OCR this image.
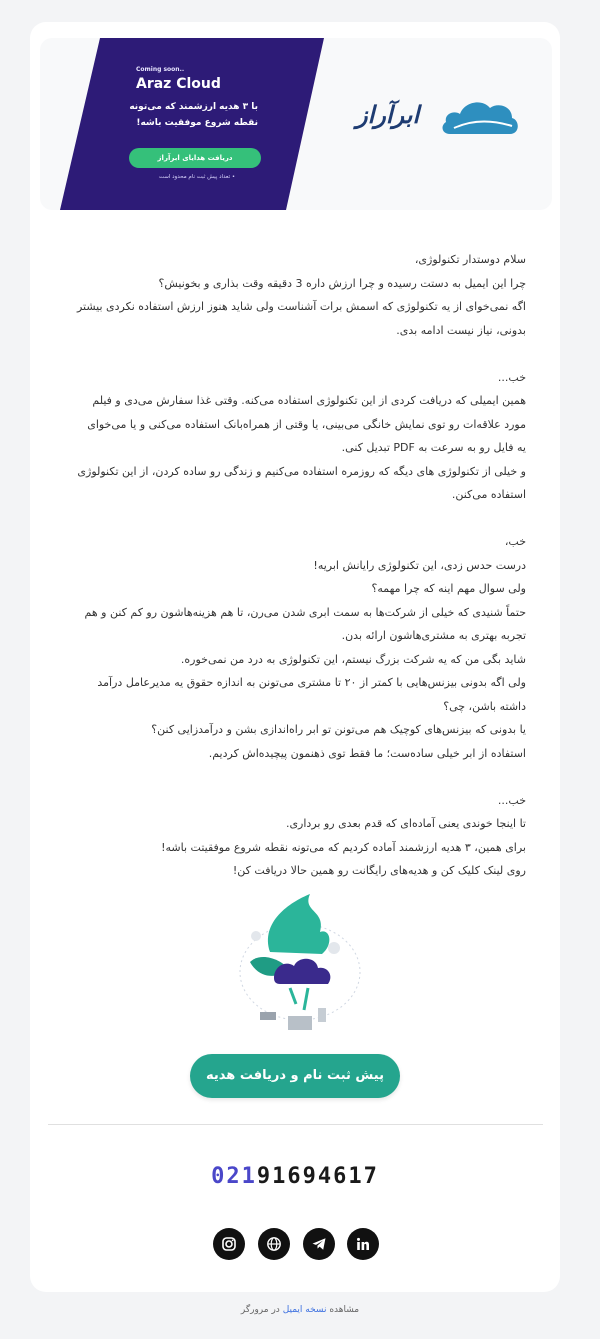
Coming soon..
Araz Cloud
با ۳ هدیه ارزشمند که می‌تونه
نقطه شروع موفقیت باشه!
دریافت هدایای ابرآراز
• تعداد پیش ثبت نام محدود است
ابرآراز
سلام دوستدار تکنولوژی،
چرا این ایمیل به دستت رسیده و چرا ارزش داره 3 دقیقه وقت بذاری و بخونیش؟
اگه نمی‌خوای از یه تکنولوژی که اسمش برات آشناست ولی شاید هنوز ارزش استفاده نکردی بیشتر
بدونی، نیاز نیست ادامه بدی.
خب...
همین ایمیلی که دریافت کردی از این تکنولوژی استفاده می‌کنه. وقتی غذا سفارش می‌دی و فیلم
مورد علاقه‌ات رو توی نمایش خانگی می‌بینی، یا وقتی از همراه‌بانک استفاده می‌کنی و یا می‌خوای
یه فایل رو به سرعت به PDF تبدیل کنی.
و خیلی از تکنولوژی های دیگه که روزمره استفاده می‌کنیم و زندگی رو ساده کردن، از این تکنولوژی
استفاده می‌کنن.
خب،
درست حدس زدی، این تکنولوژی رایانش ابریه!
ولی سوال مهم اینه که چرا مهمه؟
حتماً شنیدی که خیلی از شرکت‌ها به سمت ابری شدن می‌رن، تا هم هزینه‌هاشون رو کم کنن و هم
تجربه بهتری به مشتری‌هاشون ارائه بدن.
شاید بگی من که یه شرکت بزرگ نیستم، این تکنولوژی به درد من نمی‌خوره.
ولی اگه بدونی بیزنس‌هایی با کمتر از ۲۰ تا مشتری می‌تونن به اندازه حقوق یه مدیرعامل درآمد
داشته باشن، چی؟
یا بدونی که بیزنس‌های کوچیک هم می‌تونن تو ابر راه‌اندازی بشن و درآمدزایی کنن؟
استفاده از ابر خیلی ساده‌ست؛ ما فقط توی ذهنمون پیچیده‌اش کردیم.
خب...
تا اینجا خوندی یعنی آماده‌ای که قدم بعدی رو برداری.
برای همین، ۳ هدیه ارزشمند آماده کردیم که می‌تونه نقطه شروع موفقیتت باشه!
روی لینک کلیک کن و هدیه‌های رایگانت رو همین حالا دریافت کن!
پیش ثبت نام و دریافت هدیه
02191694617
مشاهده نسخه ایمیل در مرورگر
